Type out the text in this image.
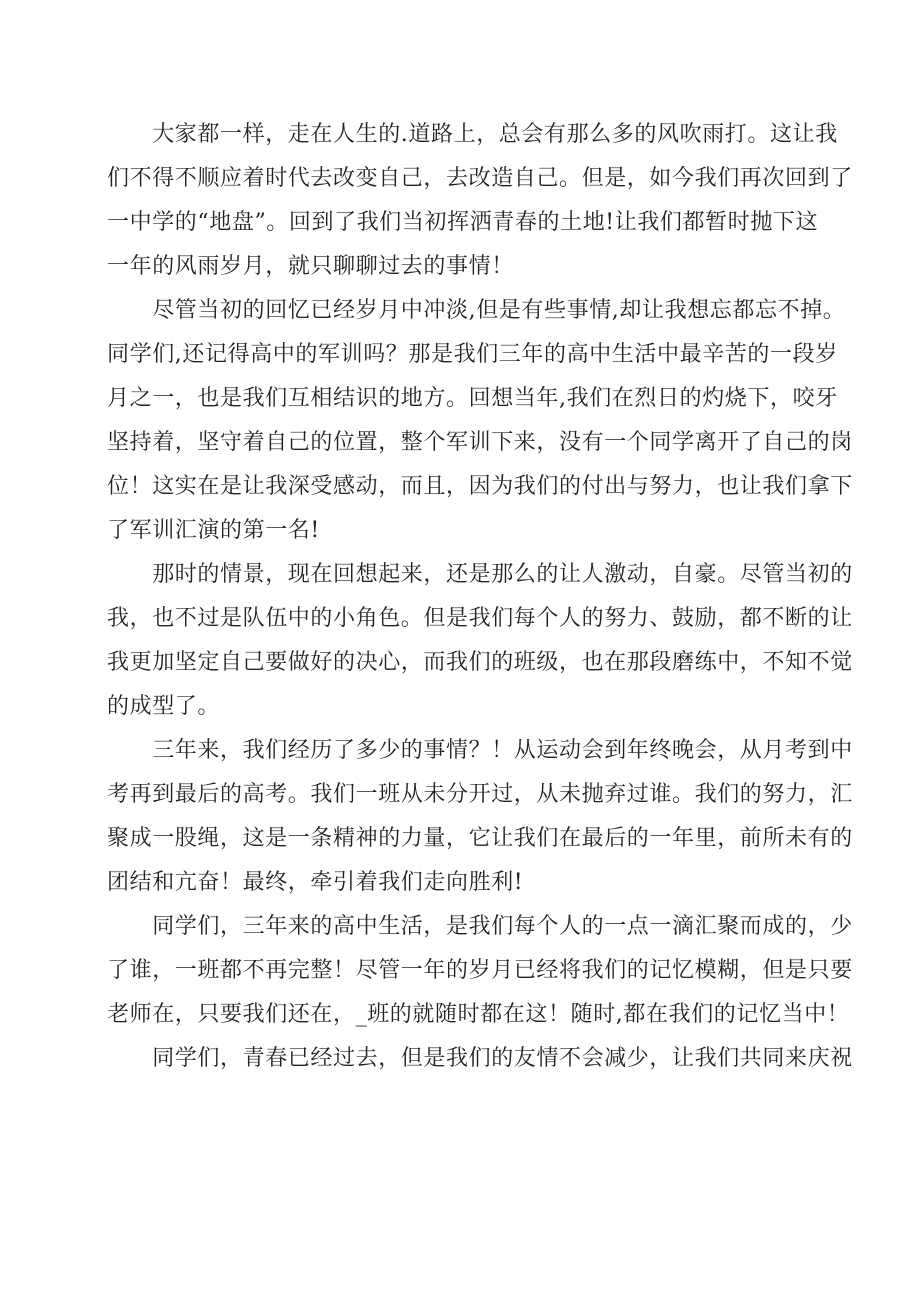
　　大家都一样，走在人生的.道路上，总会有那么多的风吹雨打。这让我
们不得不顺应着时代去改变自己，去改造自己。但是，如今我们再次回到了
一中学的“地盘”。回到了我们当初挥洒青春的土地!让我们都暂时抛下这
一年的风雨岁月，就只聊聊过去的事情！
　　尽管当初的回忆已经岁月中冲淡,但是有些事情,却让我想忘都忘不掉。
同学们,还记得高中的军训吗？那是我们三年的高中生活中最辛苦的一段岁
月之一，也是我们互相结识的地方。回想当年,我们在烈日的灼烧下，咬牙
坚持着，坚守着自己的位置，整个军训下来，没有一个同学离开了自己的岗
位！这实在是让我深受感动，而且，因为我们的付出与努力，也让我们拿下
了军训汇演的第一名!
　　那时的情景，现在回想起来，还是那么的让人激动，自豪。尽管当初的
我，也不过是队伍中的小角色。但是我们每个人的努力、鼓励，都不断的让
我更加坚定自己要做好的决心，而我们的班级，也在那段磨练中，不知不觉
的成型了。
　　三年来，我们经历了多少的事情？！从运动会到年终晚会，从月考到中
考再到最后的高考。我们一班从未分开过，从未抛弃过谁。我们的努力，汇
聚成一股绳，这是一条精神的力量，它让我们在最后的一年里，前所未有的
团结和亢奋！最终，牵引着我们走向胜利!
　　同学们，三年来的高中生活，是我们每个人的一点一滴汇聚而成的，少
了谁，一班都不再完整！尽管一年的岁月已经将我们的记忆模糊，但是只要
老师在，只要我们还在，_班的就随时都在这！随时,都在我们的记忆当中！
　　同学们，青春已经过去，但是我们的友情不会减少，让我们共同来庆祝
